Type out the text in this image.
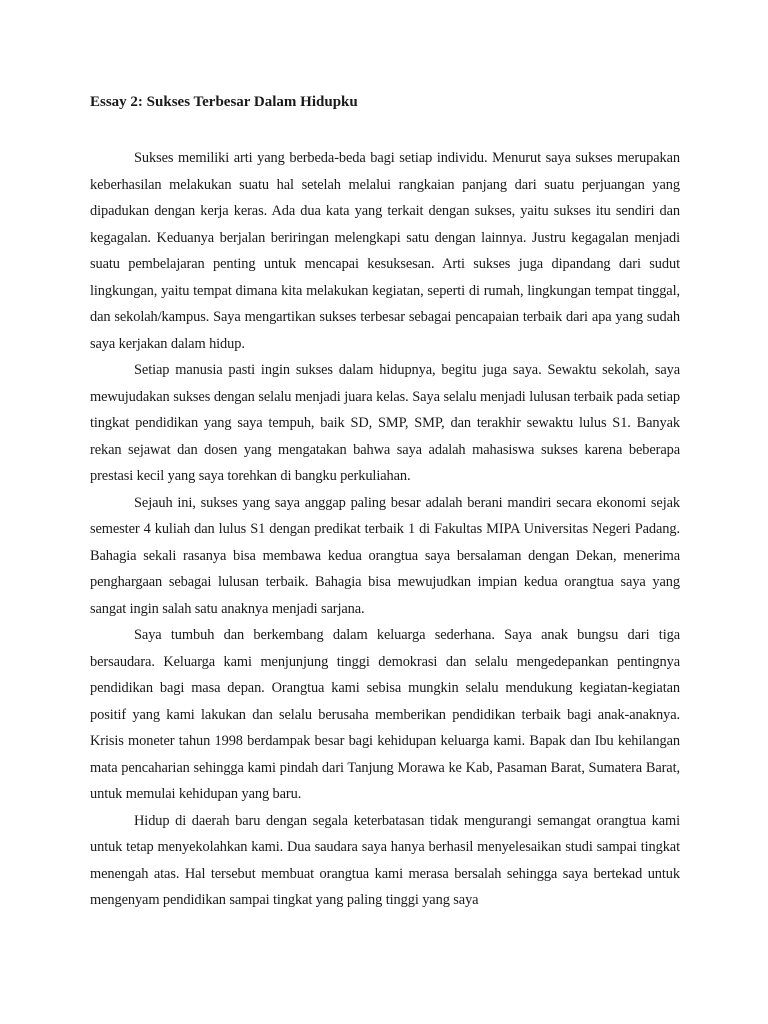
Essay 2: Sukses Terbesar Dalam Hidupku

Sukses memiliki arti yang berbeda-beda bagi setiap individu. Menurut saya sukses merupakan keberhasilan melakukan suatu hal setelah melalui rangkaian panjang dari suatu perjuangan yang dipadukan dengan kerja keras. Ada dua kata yang terkait dengan sukses, yaitu sukses itu sendiri dan kegagalan. Keduanya berjalan beriringan melengkapi satu dengan lainnya. Justru kegagalan menjadi suatu pembelajaran penting untuk mencapai kesuksesan. Arti sukses juga dipandang dari sudut lingkungan, yaitu tempat dimana kita melakukan kegiatan, seperti di rumah, lingkungan tempat tinggal, dan sekolah/kampus. Saya mengartikan sukses terbesar sebagai pencapaian terbaik dari apa yang sudah saya kerjakan dalam hidup.

Setiap manusia pasti ingin sukses dalam hidupnya, begitu juga saya. Sewaktu sekolah, saya mewujudakan sukses dengan selalu menjadi juara kelas. Saya selalu menjadi lulusan terbaik pada setiap tingkat pendidikan yang saya tempuh, baik SD, SMP, SMP, dan terakhir sewaktu lulus S1. Banyak rekan sejawat dan dosen yang mengatakan bahwa saya adalah mahasiswa sukses karena beberapa prestasi kecil yang saya torehkan di bangku perkuliahan.

Sejauh ini, sukses yang saya anggap paling besar adalah berani mandiri secara ekonomi sejak semester 4 kuliah dan lulus S1 dengan predikat terbaik 1 di Fakultas MIPA Universitas Negeri Padang. Bahagia sekali rasanya bisa membawa kedua orangtua saya bersalaman dengan Dekan, menerima penghargaan sebagai lulusan terbaik. Bahagia bisa mewujudkan impian kedua orangtua saya yang sangat ingin salah satu anaknya menjadi sarjana.

Saya tumbuh dan berkembang dalam keluarga sederhana. Saya anak bungsu dari tiga bersaudara. Keluarga kami menjunjung tinggi demokrasi dan selalu mengedepankan pentingnya pendidikan bagi masa depan. Orangtua kami sebisa mungkin selalu mendukung kegiatan-kegiatan positif yang kami lakukan dan selalu berusaha memberikan pendidikan terbaik bagi anak-anaknya. Krisis moneter tahun 1998 berdampak besar bagi kehidupan keluarga kami. Bapak dan Ibu kehilangan mata pencaharian sehingga kami pindah dari Tanjung Morawa ke Kab, Pasaman Barat, Sumatera Barat, untuk memulai kehidupan yang baru.

Hidup di daerah baru dengan segala keterbatasan tidak mengurangi semangat orangtua kami untuk tetap menyekolahkan kami. Dua saudara saya hanya berhasil menyelesaikan studi sampai tingkat menengah atas. Hal tersebut membuat orangtua kami merasa bersalah sehingga saya bertekad untuk mengenyam pendidikan sampai tingkat yang paling tinggi yang saya
